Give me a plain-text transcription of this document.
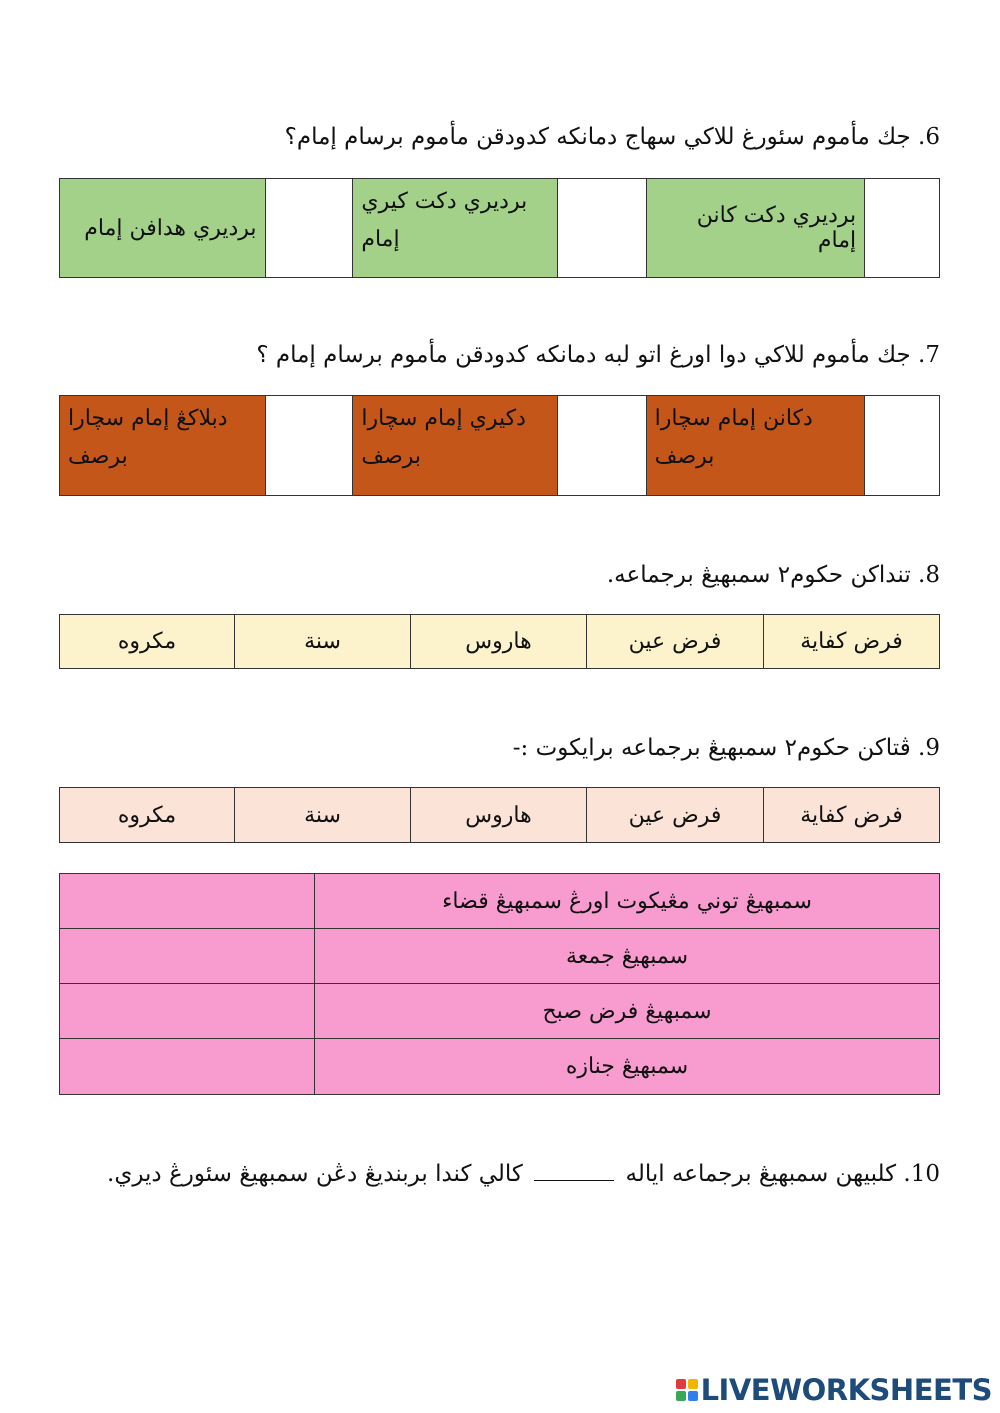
6. جك مأموم سئورغ للاكي سهاج دمانكه كدودقن مأموم برسام إمام؟
برديري دكت كانن إمام
برديري دکت کيري
إمام
برديري هدافن إمام
7. جك مأموم للاكي دوا اورغ اتو لبه دمانكه كدودقن مأموم برسام إمام ؟
دکانن إمام سچارا
برصف
دکيري إمام سچارا
برصف
دبلاكڠ إمام سچارا
برصف
8. تنداكن حكوم٢ سمبهيڠ برجماعه.
فرض كفاية
فرض عين
هاروس
سنة
مكروه
9. ڤتاکن حکوم٢ سمبهيڠ برجماعه برايكوت :-
فرض كفاية
فرض عين
هاروس
سنة
مكروه
سمبهيڠ توني مڠيکوت اورڠ سمبهيڠ قضاء
سمبهيڠ جمعة
سمبهيڠ فرض صبح
سمبهيڠ جنازه
10. كلبيهن سمبهيڠ برجماعه اياله  كالي كندا بربنديڠ دڠن سمبهيڠ سئورڠ ديري.
LIVEWORKSHEETS
